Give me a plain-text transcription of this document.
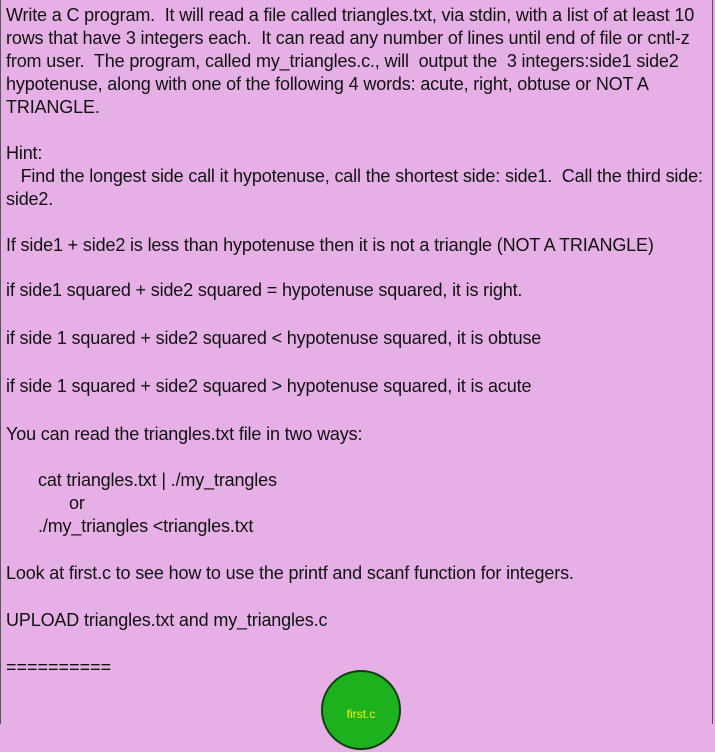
Write a C program.  It will read a file called triangles.txt, via stdin, with a list of at least 10 rows that have 3 integers each.  It can read any number of lines until end of file or cntl-z from user.  The program, called my_triangles.c., will  output the  3 integers:side1 side2 hypotenuse, along with one of the following 4 words: acute, right, obtuse or NOT A TRIANGLE.

Hint:
Find the longest side call it hypotenuse, call the shortest side: side1.  Call the third side: side2.

If side1 + side2 is less than hypotenuse then it is not a triangle (NOT A TRIANGLE)

if side1 squared + side2 squared = hypotenuse squared, it is right.

if side 1 squared + side2 squared < hypotenuse squared, it is obtuse

if side 1 squared + side2 squared > hypotenuse squared, it is acute

You can read the triangles.txt file in two ways:

cat triangles.txt | ./my_trangles
or
./my_triangles <triangles.txt

Look at first.c to see how to use the printf and scanf function for integers.

UPLOAD triangles.txt and my_triangles.c

==========
first.c
